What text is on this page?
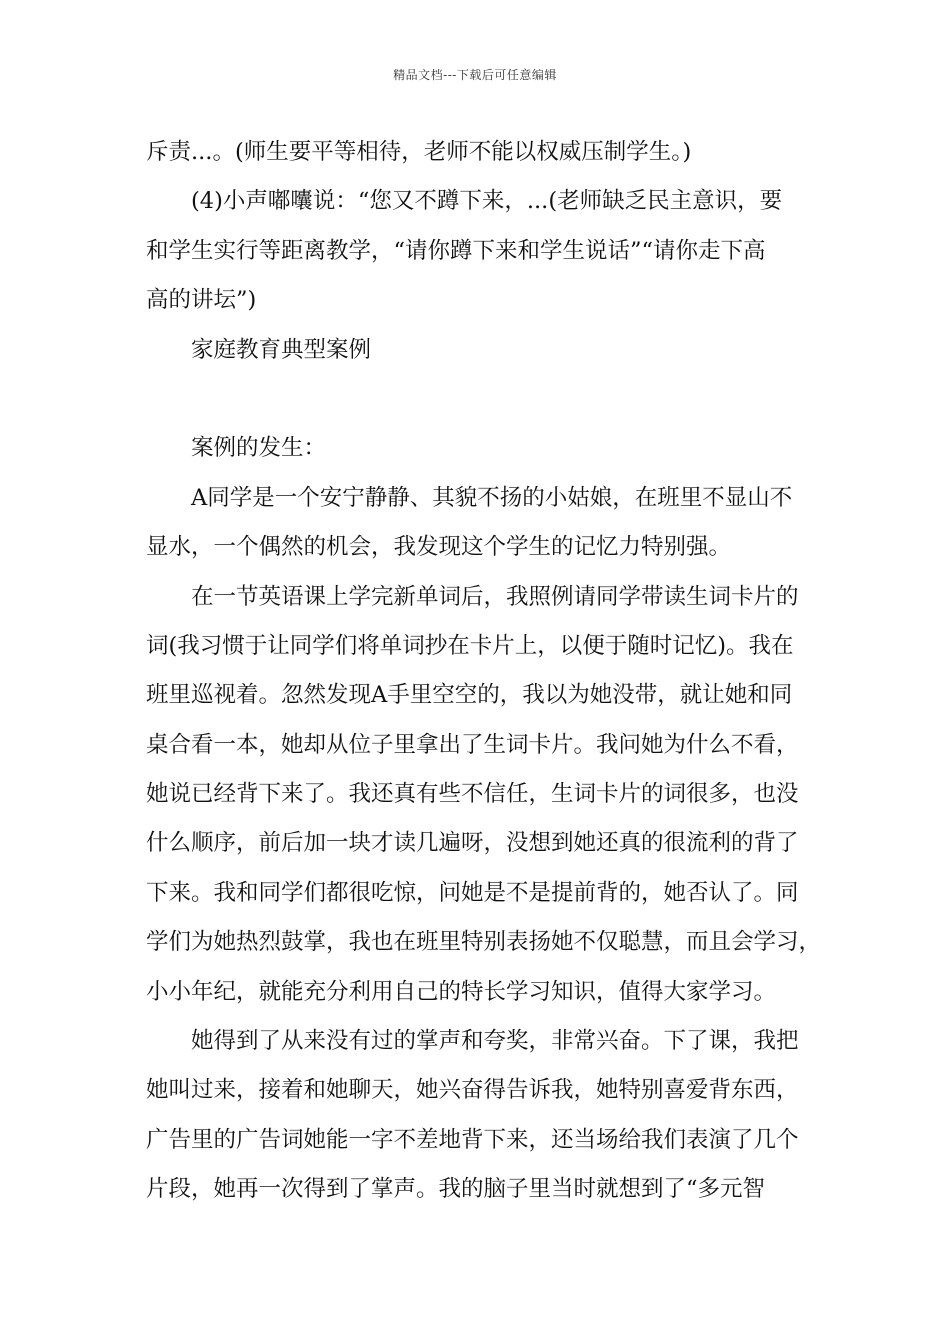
精品文档---下载后可任意编辑
斥责...。(师生要平等相待，老师不能以权威压制学生。)
(4)小声嘟囔说：“您又不蹲下来，...(老师缺乏民主意识，要
和学生实行等距离教学，“请你蹲下来和学生说话”“请你走下高
高的讲坛”)
家庭教育典型案例
案例的发生：
A同学是一个安宁静静、其貌不扬的小姑娘，在班里不显山不
显水，一个偶然的机会，我发现这个学生的记忆力特别强。
在一节英语课上学完新单词后，我照例请同学带读生词卡片的
词(我习惯于让同学们将单词抄在卡片上，以便于随时记忆)。我在
班里巡视着。忽然发现A手里空空的，我以为她没带，就让她和同
桌合看一本，她却从位子里拿出了生词卡片。我问她为什么不看，
她说已经背下来了。我还真有些不信任，生词卡片的词很多，也没
什么顺序，前后加一块才读几遍呀，没想到她还真的很流利的背了
下来。我和同学们都很吃惊，问她是不是提前背的，她否认了。同
学们为她热烈鼓掌，我也在班里特别表扬她不仅聪慧，而且会学习，
小小年纪，就能充分利用自己的特长学习知识，值得大家学习。
她得到了从来没有过的掌声和夸奖，非常兴奋。下了课，我把
她叫过来，接着和她聊天，她兴奋得告诉我，她特别喜爱背东西，
广告里的广告词她能一字不差地背下来，还当场给我们表演了几个
片段，她再一次得到了掌声。我的脑子里当时就想到了“多元智
